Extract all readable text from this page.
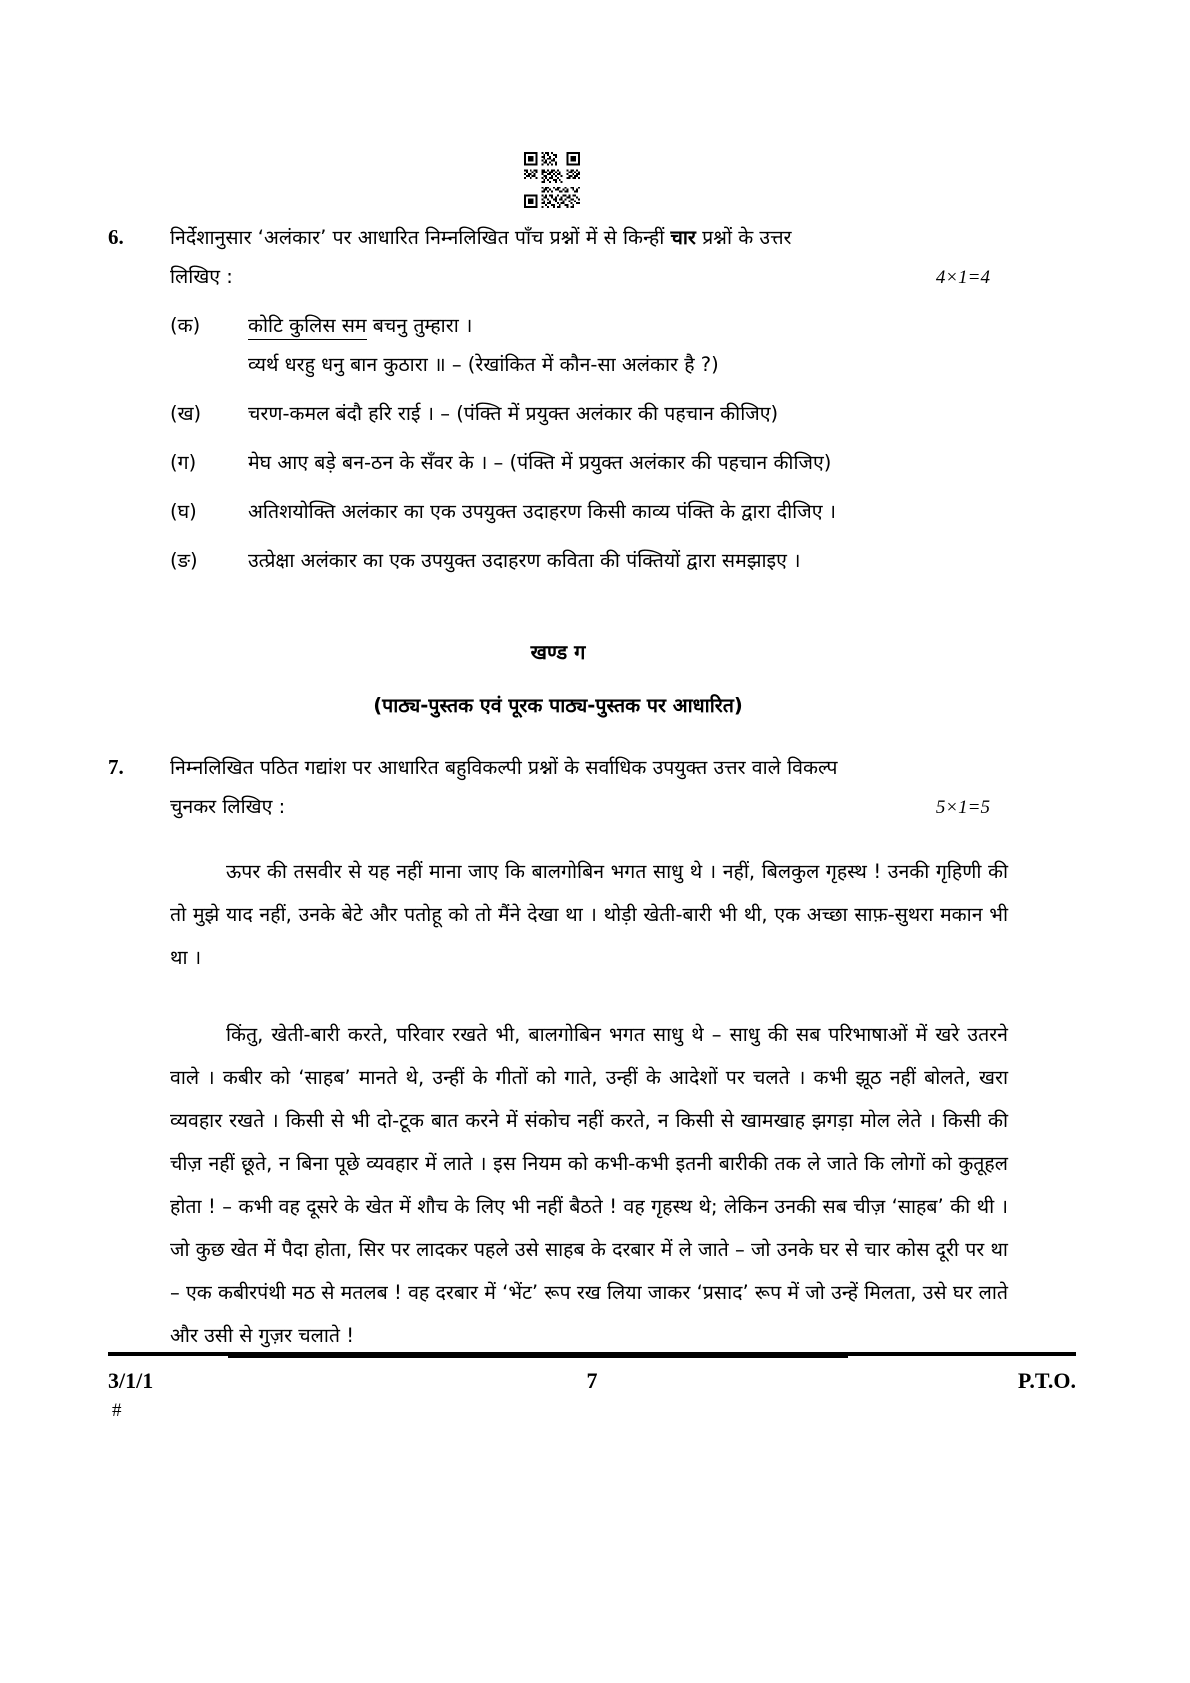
6.	निर्देशानुसार ‘अलंकार’ पर आधारित निम्नलिखित पाँच प्रश्नों में से किन्हीं चार प्रश्नों के उत्तर
लिखिए :	4×1=4
(क)	कोटि कुलिस सम बचनु तुम्हारा ।
व्यर्थ धरहु धनु बान कुठारा ॥ – (रेखांकित में कौन-सा अलंकार है ?)
(ख)	चरण-कमल बंदौ हरि राई । – (पंक्ति में प्रयुक्त अलंकार की पहचान कीजिए)
(ग)	मेघ आए बड़े बन-ठन के सँवर के । – (पंक्ति में प्रयुक्त अलंकार की पहचान कीजिए)
(घ)	अतिशयोक्ति अलंकार का एक उपयुक्त उदाहरण किसी काव्य पंक्ति के द्वारा दीजिए ।
(ङ)	उत्प्रेक्षा अलंकार का एक उपयुक्त उदाहरण कविता की पंक्तियों द्वारा समझाइए ।
खण्ड ग
(पाठ्य-पुस्तक एवं पूरक पाठ्य-पुस्तक पर आधारित)
7.	निम्नलिखित पठित गद्यांश पर आधारित बहुविकल्पी प्रश्नों के सर्वाधिक उपयुक्त उत्तर वाले विकल्प
चुनकर लिखिए :	5×1=5

ऊपर की तसवीर से यह नहीं माना जाए कि बालगोबिन भगत साधु थे । नहीं, बिलकुल गृहस्थ ! उनकी गृहिणी की तो मुझे याद नहीं, उनके बेटे और पतोहू को तो मैंने देखा था । थोड़ी खेती-बारी भी थी, एक अच्छा साफ़-सुथरा मकान भी था ।

किंतु, खेती-बारी करते, परिवार रखते भी, बालगोबिन भगत साधु थे – साधु की सब परिभाषाओं में खरे उतरने वाले । कबीर को ‘साहब’ मानते थे, उन्हीं के गीतों को गाते, उन्हीं के आदेशों पर चलते । कभी झूठ नहीं बोलते, खरा व्यवहार रखते । किसी से भी दो-टूक बात करने में संकोच नहीं करते, न किसी से खामखाह झगड़ा मोल लेते । किसी की चीज़ नहीं छूते, न बिना पूछे व्यवहार में लाते । इस नियम को कभी-कभी इतनी बारीकी तक ले जाते कि लोगों को कुतूहल होता ! – कभी वह दूसरे के खेत में शौच के लिए भी नहीं बैठते ! वह गृहस्थ थे; लेकिन उनकी सब चीज़ ‘साहब’ की थी । जो कुछ खेत में पैदा होता, सिर पर लादकर पहले उसे साहब के दरबार में ले जाते – जो उनके घर से चार कोस दूरी पर था – एक कबीरपंथी मठ से मतलब ! वह दरबार में ‘भेंट’ रूप रख लिया जाकर ‘प्रसाद’ रूप में जो उन्हें मिलता, उसे घर लाते और उसी से गुज़र चलाते !

3/1/1
#
7	P.T.O.
